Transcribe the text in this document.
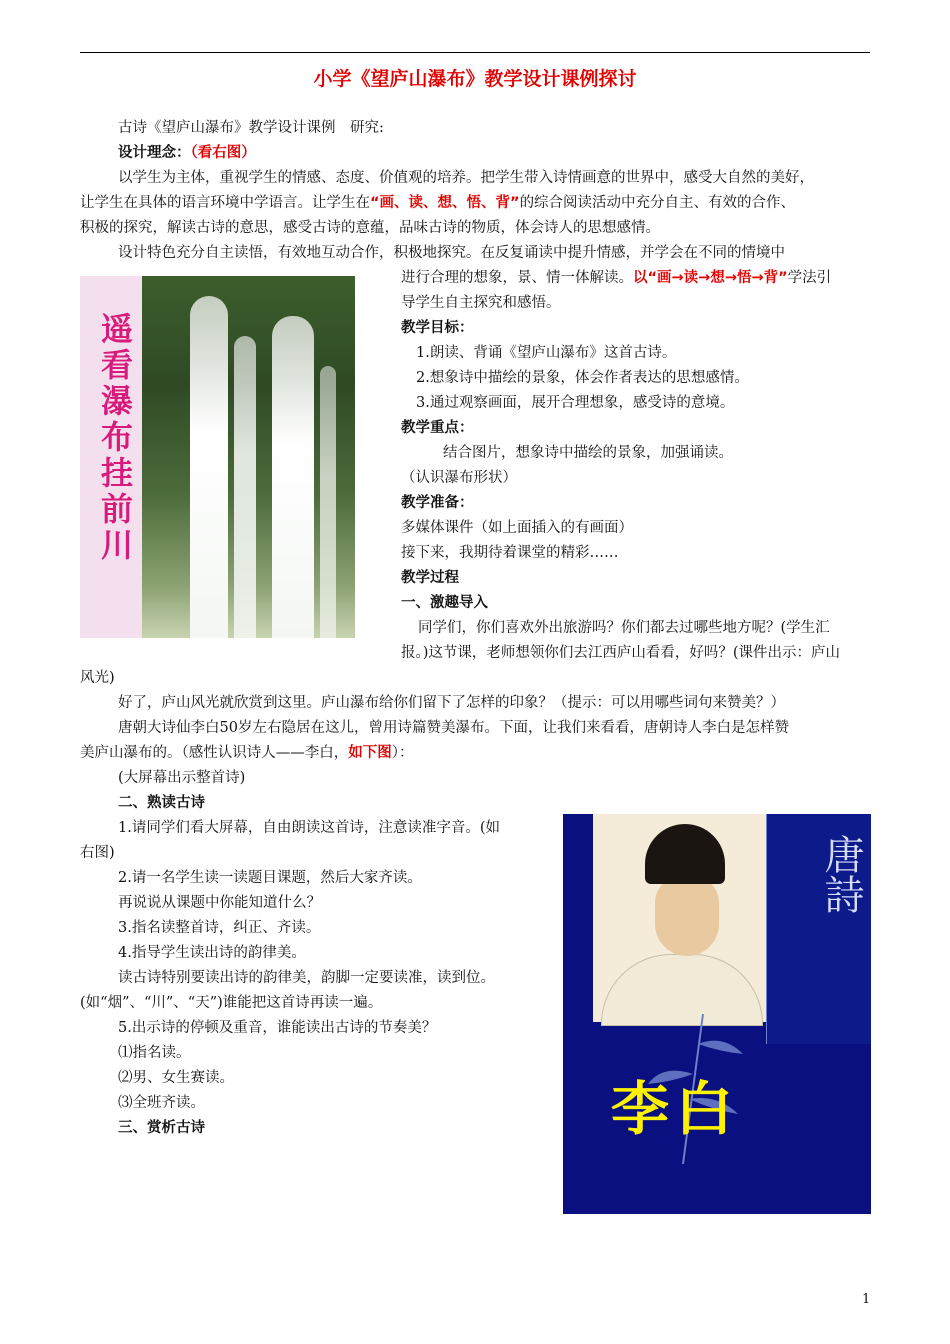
小学《望庐山瀑布》教学设计课例探讨
古诗《望庐山瀑布》教学设计课例　研究:
设计理念：（看右图）
以学生为主体，重视学生的情感、态度、价值观的培养。把学生带入诗情画意的世界中，感受大自然的美好，
让学生在具体的语言环境中学语言。让学生在“画、读、想、悟、背”的综合阅读活动中充分自主、有效的合作、
积极的探究，解读古诗的意思，感受古诗的意蕴，品味古诗的物质，体会诗人的思想感情。
设计特色充分自主读悟，有效地互动合作，积极地探究。在反复诵读中提升情感，并学会在不同的情境中
进行合理的想象，景、情一体解读。以“画→读→想→悟→背”学法引
导学生自主探究和感悟。
遥看瀑布挂前川	教学目标：
1.朗读、背诵《望庐山瀑布》这首古诗。
2.想象诗中描绘的景象，体会作者表达的思想感情。
3.通过观察画面，展开合理想象，感受诗的意境。
教学重点：
结合图片，想象诗中描绘的景象，加强诵读。
（认识瀑布形状）
教学准备：
多媒体课件（如上面插入的有画面）
接下来，我期待着课堂的精彩……
教学过程
一、激趣导入
同学们，你们喜欢外出旅游吗？你们都去过哪些地方呢？(学生汇
报。)这节课，老师想领你们去江西庐山看看，好吗？(课件出示：庐山
风光)
好了，庐山风光就欣赏到这里。庐山瀑布给你们留下了怎样的印象？（提示：可以用哪些词句来赞美？）
唐朝大诗仙李白50岁左右隐居在这儿，曾用诗篇赞美瀑布。下面，让我们来看看，唐朝诗人李白是怎样赞
美庐山瀑布的。（感性认识诗人——李白，如下图）：
(大屏幕出示整首诗)
二、熟读古诗
1.请同学们看大屏幕，自由朗读这首诗，注意读准字音。(如
右图)
2.请一名学生读一读题目课题，然后大家齐读。
再说说从课题中你能知道什么？
3.指名读整首诗，纠正、齐读。
4.指导学生读出诗的韵律美。
读古诗特别要读出诗的韵律美，韵脚一定要读准，读到位。
(如“烟”、“川”、“天”)谁能把这首诗再读一遍。
5.出示诗的停顿及重音，谁能读出古诗的节奏美？
⑴指名读。
⑵男、女生赛读。
⑶全班齐读。
三、赏析古诗
唐詩
李白
1
